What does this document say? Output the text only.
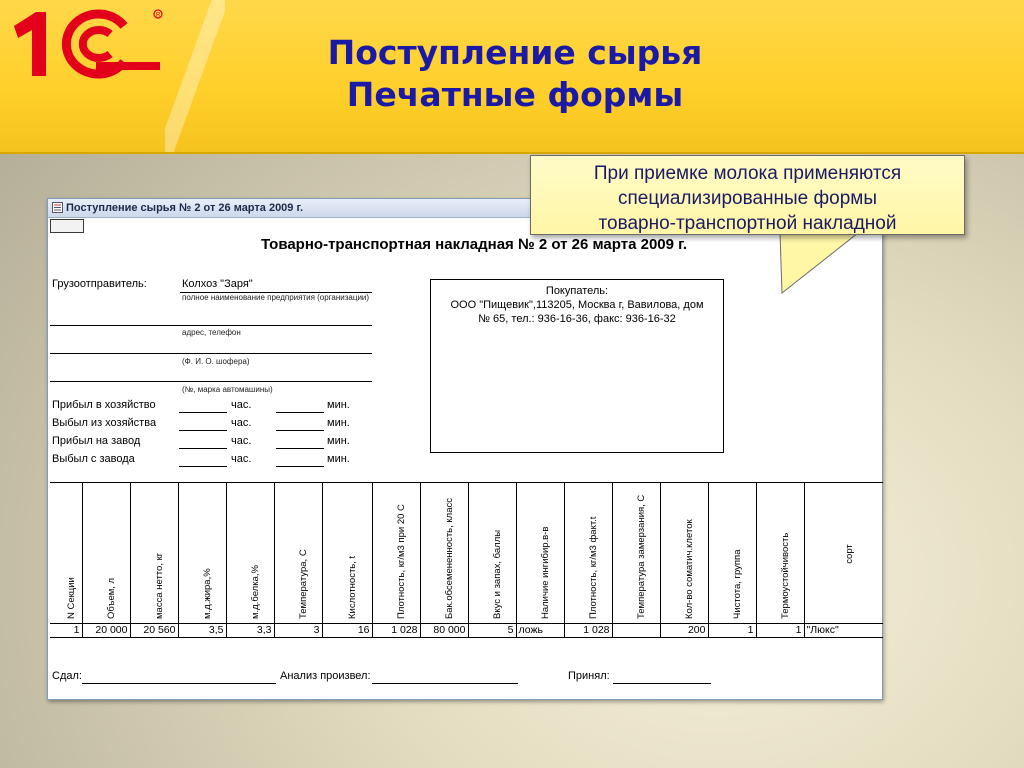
R
Поступление сырья
Печатные формы
Поступление сырья № 2 от 26 марта 2009 г.
Товарно-транспортная накладная № 2 от 26 марта 2009 г.
Грузоотправитель:	Колхоз "Заря"
полное наименование предприятия (организации)
адрес, телефон
(Ф. И. О. шофера)
(№, марка автомашины)
Прибыл в хозяйство	час.	мин.
Выбыл из хозяйства	час.	мин.
Прибыл на завод	час.	мин.
Выбыл с завода	час.	мин.
Покупатель:
ООО "Пищевик",113205, Москва г, Вавилова, дом
№ 65, тел.: 936-16-36, факс: 936-16-32
N Секции	Объем, л	масса нетто, кг	м.д.жира,%	м.д.белка,%	Температура, С	Кислотность, t	Плотность, кг/м3 при 20 С	Бак.обсемененность, класс	Вкус и запах, баллы	Наличие ингибир.в-в	Плотность, кг/м3 факт.t	Температура замерзания, С	Кол-во соматич.клеток	Чистота, группа	Термоустойчивость	сорт

1	20 000	20 560	3,5	3,3	3	16	1 028	80 000	5	ложь	1 028		200	1	1	"Люкс"
Сдал:	Анализ произвел:	Принял:
При приемке молока применяются
специализированные формы
товарно-транспортной накладной
